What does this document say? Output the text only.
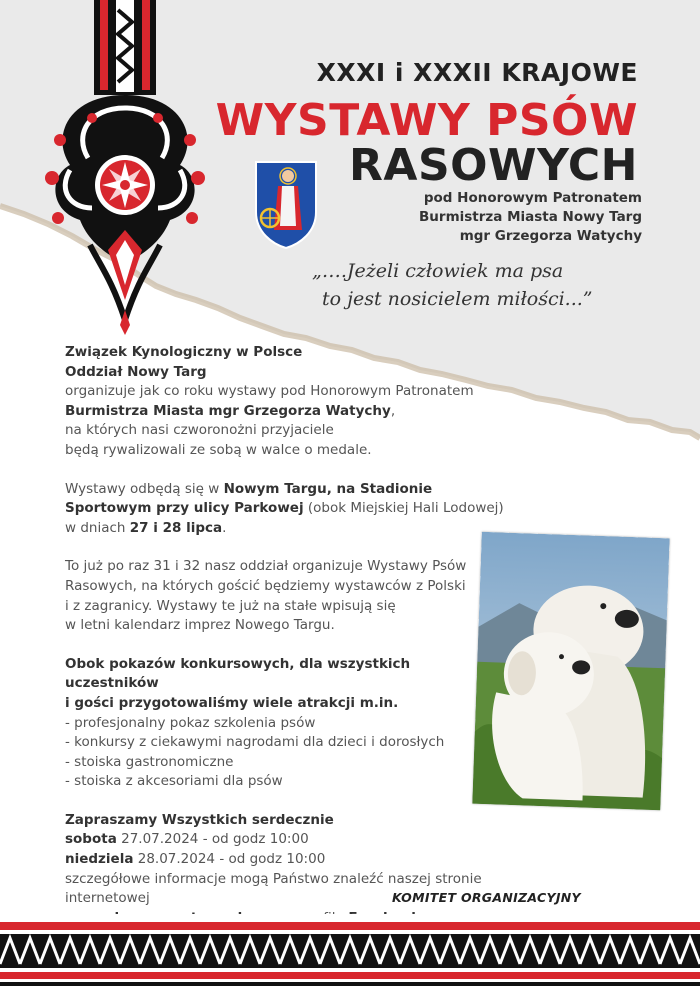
XXXI i XXXII KRAJOWE
WYSTAWY PSÓW
RASOWYCH
pod Honorowym Patronatem
Burmistrza Miasta Nowy Targ
mgr Grzegorza Watychy
„….Jeżeli człowiek ma psa
to jest nosicielem miłości...”

Związek Kynologiczny w Polsce

Oddział Nowy Targ

organizuje jak co roku wystawy pod Honorowym Patronatem

Burmistrza Miasta mgr Grzegorza Watychy,

na których nasi czworonożni przyjaciele

będą rywalizowali ze sobą w walce o medale.

Wystawy odbędą się w Nowym Targu, na Stadionie

Sportowym przy ulicy Parkowej (obok Miejskiej Hali Lodowej)

w dniach 27 i 28 lipca.

To już po raz 31 i 32 nasz oddział organizuje Wystawy Psów

Rasowych, na których gościć będziemy wystawców z Polski

i z zagranicy. Wystawy te już na stałe wpisują się

w letni kalendarz imprez Nowego Targu.

Obok pokazów konkursowych, dla wszystkich uczestników

i gości przygotowaliśmy wiele atrakcji m.in.

- profesjonalny pokaz szkolenia psów

- konkursy z ciekawymi nagrodami dla dzieci i dorosłych

- stoiska gastronomiczne

- stoiska z akcesoriami dla psów

Zapraszamy Wszystkich serdecznie

sobota 27.07.2024 - od godz 10:00

niedziela 28.07.2024 - od godz 10:00

szczegółowe informacje mogą Państwo znaleźć naszej stronie internetowej	KOMITET ORGANIZACYJNY
